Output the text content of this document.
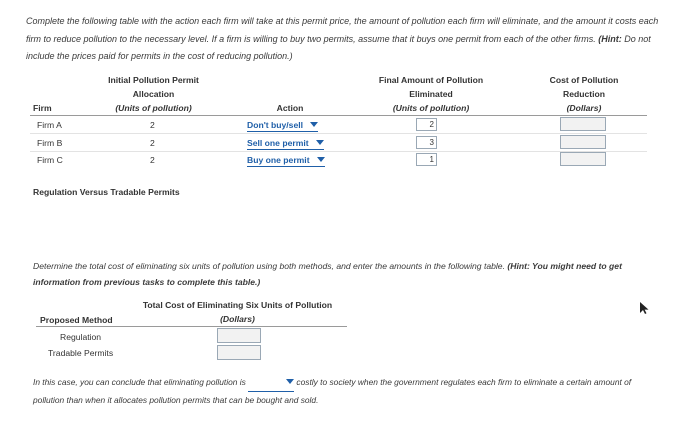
Complete the following table with the action each firm will take at this permit price, the amount of pollution each firm will eliminate, and the amount it costs each firm to reduce pollution to the necessary level. If a firm is willing to buy two permits, assume that it buys one permit from each of the other firms. (Hint: Do not include the prices paid for permits in the cost of reducing pollution.)
Firm
Initial Pollution Permit
Allocation
(Units of pollution)	Action
Final Amount of Pollution
Eliminated
(Units of pollution)
Cost of Pollution
Reduction
(Dollars)
Firm A	2	Don't buy/sell	2
Firm B	2	Sell one permit	3
Firm C	2	Buy one permit	1
Regulation Versus Tradable Permits
Determine the total cost of eliminating six units of pollution using both methods, and enter the amounts in the following table. (Hint: You might need to get information from previous tasks to complete this table.)
Total Cost of Eliminating Six Units of Pollution
(Dollars)
Proposed Method
Regulation
Tradable Permits
In this case, you can conclude that eliminating pollution is	costly to society when the government regulates each firm to eliminate a certain amount of pollution than when it allocates pollution permits that can be bought and sold.
